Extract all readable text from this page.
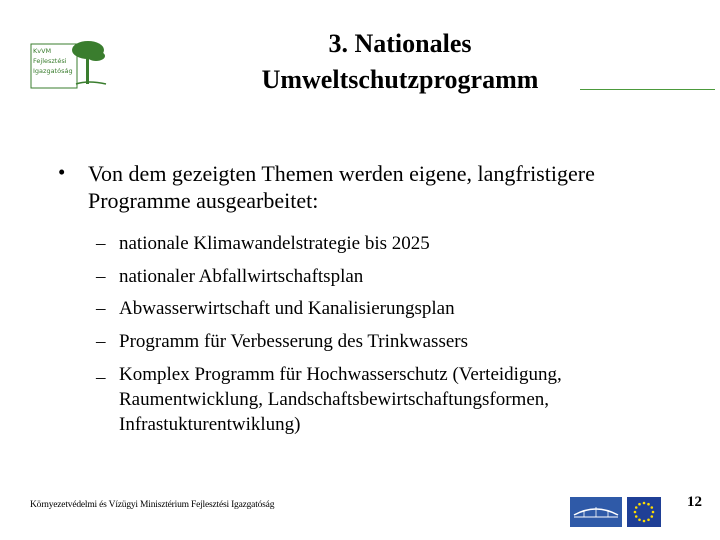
KvVM
Fejlesztési
Igazgatóság
3. Nationales
Umweltschutzprogramm
• Von dem gezeigten Themen werden eigene, langfristigere Programme ausgearbeitet:
– nationale Klimawandelstrategie bis 2025
– nationaler Abfallwirtschaftsplan
– Abwasserwirtschaft und Kanalisierungsplan
– Programm für Verbesserung des Trinkwassers
– Komplex Programm für Hochwasserschutz (Verteidigung, Raumentwicklung, Landschaftsbewirtschaftungsformen, Infrastukturentwiklung)
Környezetvédelmi és Vízügyi Minisztérium Fejlesztési Igazgatóság	12
